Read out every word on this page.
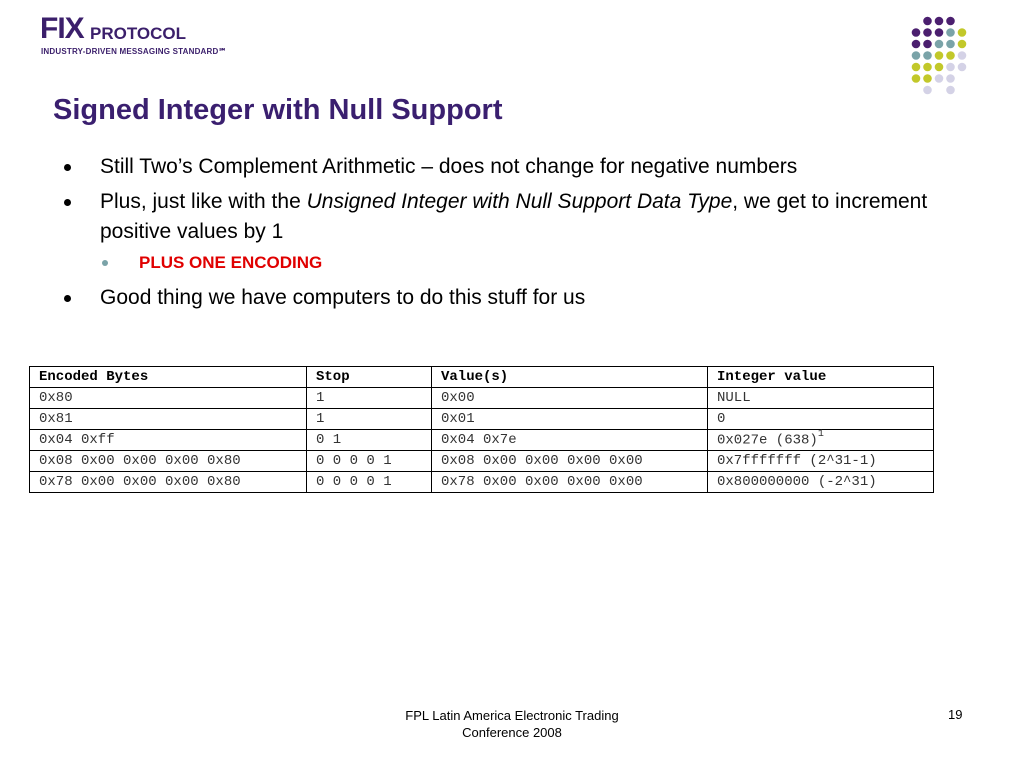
FIX PROTOCOL
INDUSTRY-DRIVEN MESSAGING STANDARD℠
Signed Integer with Null Support
Still Two’s Complement Arithmetic – does not change for negative numbers
Plus, just like with the Unsigned Integer with Null Support Data Type, we get to increment positive values by 1
PLUS ONE ENCODING
Good thing we have computers to do this stuff for us
Encoded Bytes	Stop	Value(s)	Integer value
0x80	1	0x00	NULL
0x81	1	0x01	0
0x04 0xff	0 1	0x04 0x7e	0x027e $(638)^1$
0x08 0x00 0x00 0x00 0x80	0 0 0 0 1	0x08 0x00 0x00 0x00 0x00	0x7fffffff (2^31-1)
0x78 0x00 0x00 0x00 0x80	0 0 0 0 1	0x78 0x00 0x00 0x00 0x00	0x800000000 (-2^31)
FPL Latin America Electronic Trading
Conference 2008
19
